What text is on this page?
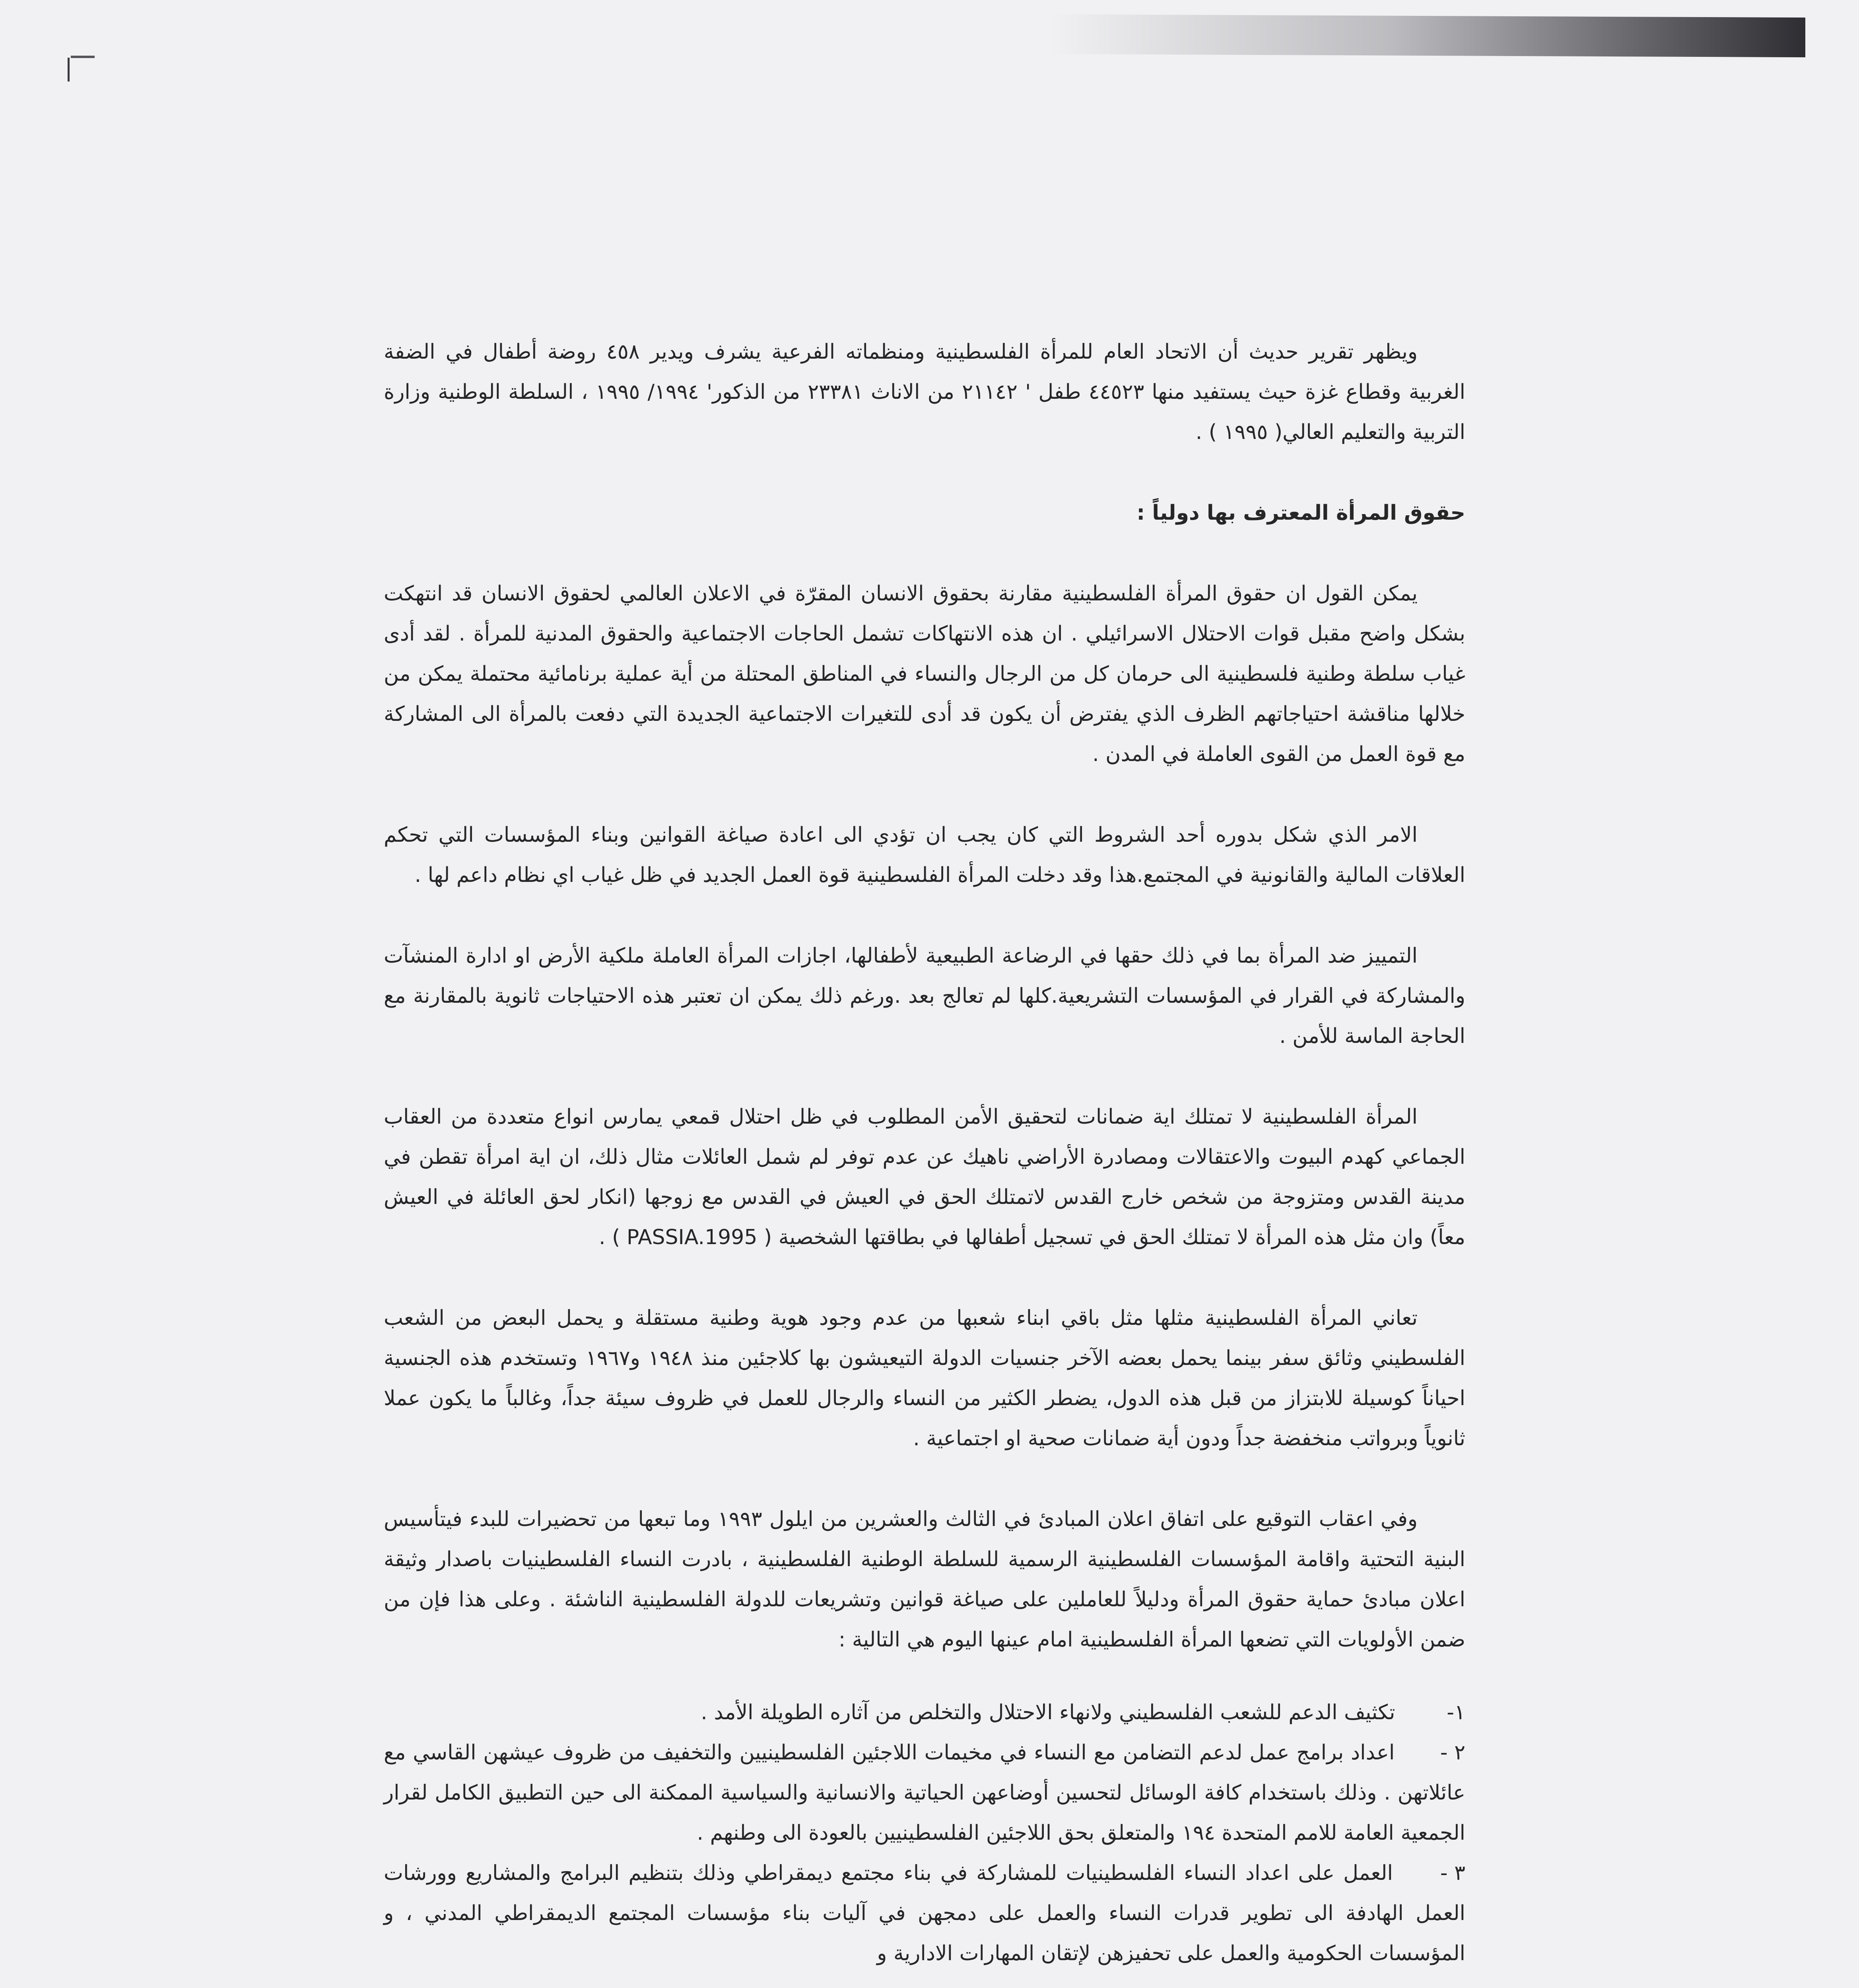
ويظهر تقرير حديث أن الاتحاد العام للمرأة الفلسطينية ومنظماته الفرعية يشرف ويدير ٤٥٨ روضة أطفال في الضفة الغربية وقطاع غزة حيث يستفيد منها ٤٤٥٢٣ طفل ' ٢١١٤٢ من الاناث ٢٣٣٨١ من الذكور' ١٩٩٤/ ١٩٩٥ ، السلطة الوطنية وزارة التربية والتعليم العالي( ١٩٩٥ ) .

حقوق المرأة المعترف بها دولياً :

يمكن القول ان حقوق المرأة الفلسطينية مقارنة بحقوق الانسان المقرّة في الاعلان العالمي لحقوق الانسان قد انتهكت بشكل واضح مقبل قوات الاحتلال الاسرائيلي . ان هذه الانتهاكات تشمل الحاجات الاجتماعية والحقوق المدنية للمرأة . لقد أدى غياب سلطة وطنية فلسطينية الى حرمان كل من الرجال والنساء في المناطق المحتلة من أية عملية برنامائية محتملة يمكن من خلالها مناقشة احتياجاتهم الظرف الذي يفترض أن يكون قد أدى للتغيرات الاجتماعية الجديدة التي دفعت بالمرأة الى المشاركة مع قوة العمل من القوى العاملة في المدن .

الامر الذي شكل بدوره أحد الشروط التي كان يجب ان تؤدي الى اعادة صياغة القوانين وبناء المؤسسات التي تحكم العلاقات المالية والقانونية في المجتمع.هذا وقد دخلت المرأة الفلسطينية قوة العمل الجديد في ظل غياب اي نظام داعم لها .

التمييز ضد المرأة بما في ذلك حقها في الرضاعة الطبيعية لأطفالها، اجازات المرأة العاملة ملكية الأرض او ادارة المنشآت والمشاركة في القرار في المؤسسات التشريعية.كلها لم تعالج بعد .ورغم ذلك يمكن ان تعتبر هذه الاحتياجات ثانوية بالمقارنة مع الحاجة الماسة للأمن .

المرأة الفلسطينية لا تمتلك اية ضمانات لتحقيق الأمن المطلوب في ظل احتلال قمعي يمارس انواع متعددة من العقاب الجماعي كهدم البيوت والاعتقالات ومصادرة الأراضي ناهيك عن عدم توفر لم شمل العائلات مثال ذلك، ان اية امرأة تقطن في مدينة القدس ومتزوجة من شخص خارج القدس لاتمتلك الحق في العيش في القدس مع زوجها (انكار لحق العائلة في العيش معاً) وان مثل هذه المرأة لا تمتلك الحق في تسجيل أطفالها في بطاقتها الشخصية ( PASSIA.1995 ) .

تعاني المرأة الفلسطينية مثلها مثل باقي ابناء شعبها من عدم وجود هوية وطنية مستقلة و يحمل البعض من الشعب الفلسطيني وثائق سفر بينما يحمل بعضه الآخر جنسيات الدولة التيعيشون بها كلاجئين منذ ١٩٤٨ و١٩٦٧ وتستخدم هذه الجنسية احياناً كوسيلة للابتزاز من قبل هذه الدول، يضطر الكثير من النساء والرجال للعمل في ظروف سيئة جداً، وغالباً ما يكون عملا ثانوياً وبرواتب منخفضة جداً ودون أية ضمانات صحية او اجتماعية .

وفي اعقاب التوقيع على اتفاق اعلان المبادئ في الثالث والعشرين من ايلول ١٩٩٣ وما تبعها من تحضيرات للبدء فيتأسيس البنية التحتية واقامة المؤسسات الفلسطينية الرسمية للسلطة الوطنية الفلسطينية ، بادرت النساء الفلسطينيات باصدار وثيقة اعلان مبادئ حماية حقوق المرأة ودليلاً للعاملين على صياغة قوانين وتشريعات للدولة الفلسطينية الناشئة . وعلى هذا فإن من ضمن الأولويات التي تضعها المرأة الفلسطينية امام عينها اليوم هي التالية :

١- تكثيف الدعم للشعب الفلسطيني ولانهاء الاحتلال والتخلص من آثاره الطويلة الأمد .

٢ - اعداد برامج عمل لدعم التضامن مع النساء في مخيمات اللاجئين الفلسطينيين والتخفيف من ظروف عيشهن القاسي مع عائلاتهن . وذلك باستخدام كافة الوسائل لتحسين أوضاعهن الحياتية والانسانية والسياسية الممكنة الى حين التطبيق الكامل لقرار الجمعية العامة للامم المتحدة ١٩٤ والمتعلق بحق اللاجئين الفلسطينيين بالعودة الى وطنهم .

٣ - العمل على اعداد النساء الفلسطينيات للمشاركة في بناء مجتمع ديمقراطي وذلك بتنظيم البرامج والمشاريع وورشات العمل الهادفة الى تطوير قدرات النساء والعمل على دمجهن في آليات بناء مؤسسات المجتمع الديمقراطي المدني ، و المؤسسات الحكومية والعمل على تحفيزهن لإتقان المهارات الادارية و
